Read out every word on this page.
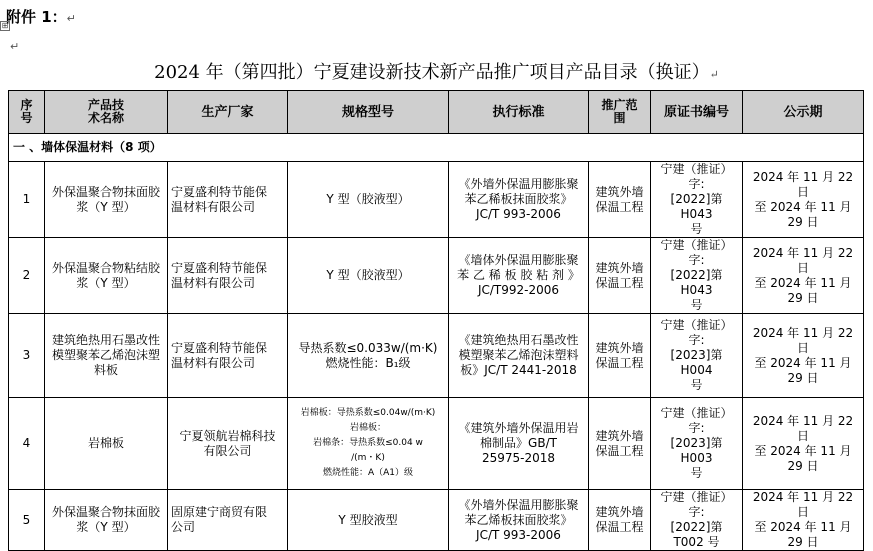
附件 1：↵
⊞
↵
2024 年（第四批）宁夏建设新技术新产品推广项目产品目录（换证）↵
序
号	产品技
术名称	生产厂家	规格型号	执行标准	推广范
围	原证书编号	公示期
一 、墙体保温材料（8 项）							
1	外保温聚合物抹面胶
浆（Y 型）	宁夏盛利特节能保
温材料有限公司	Y 型（胶液型）	《外墙外保温用膨胀聚
苯乙稀板抹面胶浆》
JC/T 993-2006	建筑外墙
保温工程	宁建（推证）字:
[2022]第 H043
号	2024 年 11 月 22 日
至 2024 年 11 月 29 日

2	外保温聚合物粘结胶
浆（Y 型）	宁夏盛利特节能保
温材料有限公司	Y 型（胶液型）	《墙体外保温用膨胀聚
苯 乙 稀 板 胶 粘 剂 》
JC/T992-2006	建筑外墙
保温工程	宁建（推证）字:
[2022]第 H043
号	2024 年 11 月 22 日
至 2024 年 11 月 29 日

3	建筑绝热用石墨改性
模塑聚苯乙烯泡沫塑
料板	宁夏盛利特节能保
温材料有限公司	导热系数≤0.033w/(m·K)
燃烧性能：B₁级	《建筑绝热用石墨改性
模塑聚苯乙烯泡沫塑料
板》JC/T 2441-2018	建筑外墙
保温工程	宁建（推证）字:
[2023]第 H004
号	2024 年 11 月 22 日
至 2024 年 11 月 29 日

4	岩棉板	宁夏领航岩棉科技
有限公司	岩棉板：导热系数≤0.04w/(m·K)
岩棉板：
岩棉条：导热系数≤0.04 w
/(m・K)
燃烧性能：A（A1）级	《建筑外墙外保温用岩
棉制品》GB/T
25975-2018	建筑外墙
保温工程	宁建（推证）字:
[2023]第 H003
号	2024 年 11 月 22 日
至 2024 年 11 月 29 日

5	外保温聚合物抹面胶
浆（Y 型）	固原建宁商贸有限
公司	Y 型胶液型	《外墙外保温用膨胀聚
苯乙烯板抹面胶浆》
JC/T 993-2006	建筑外墙
保温工程	宁建（推证）字:
[2022]第 T002 号	2024 年 11 月 22 日
至 2024 年 11 月 29 日
